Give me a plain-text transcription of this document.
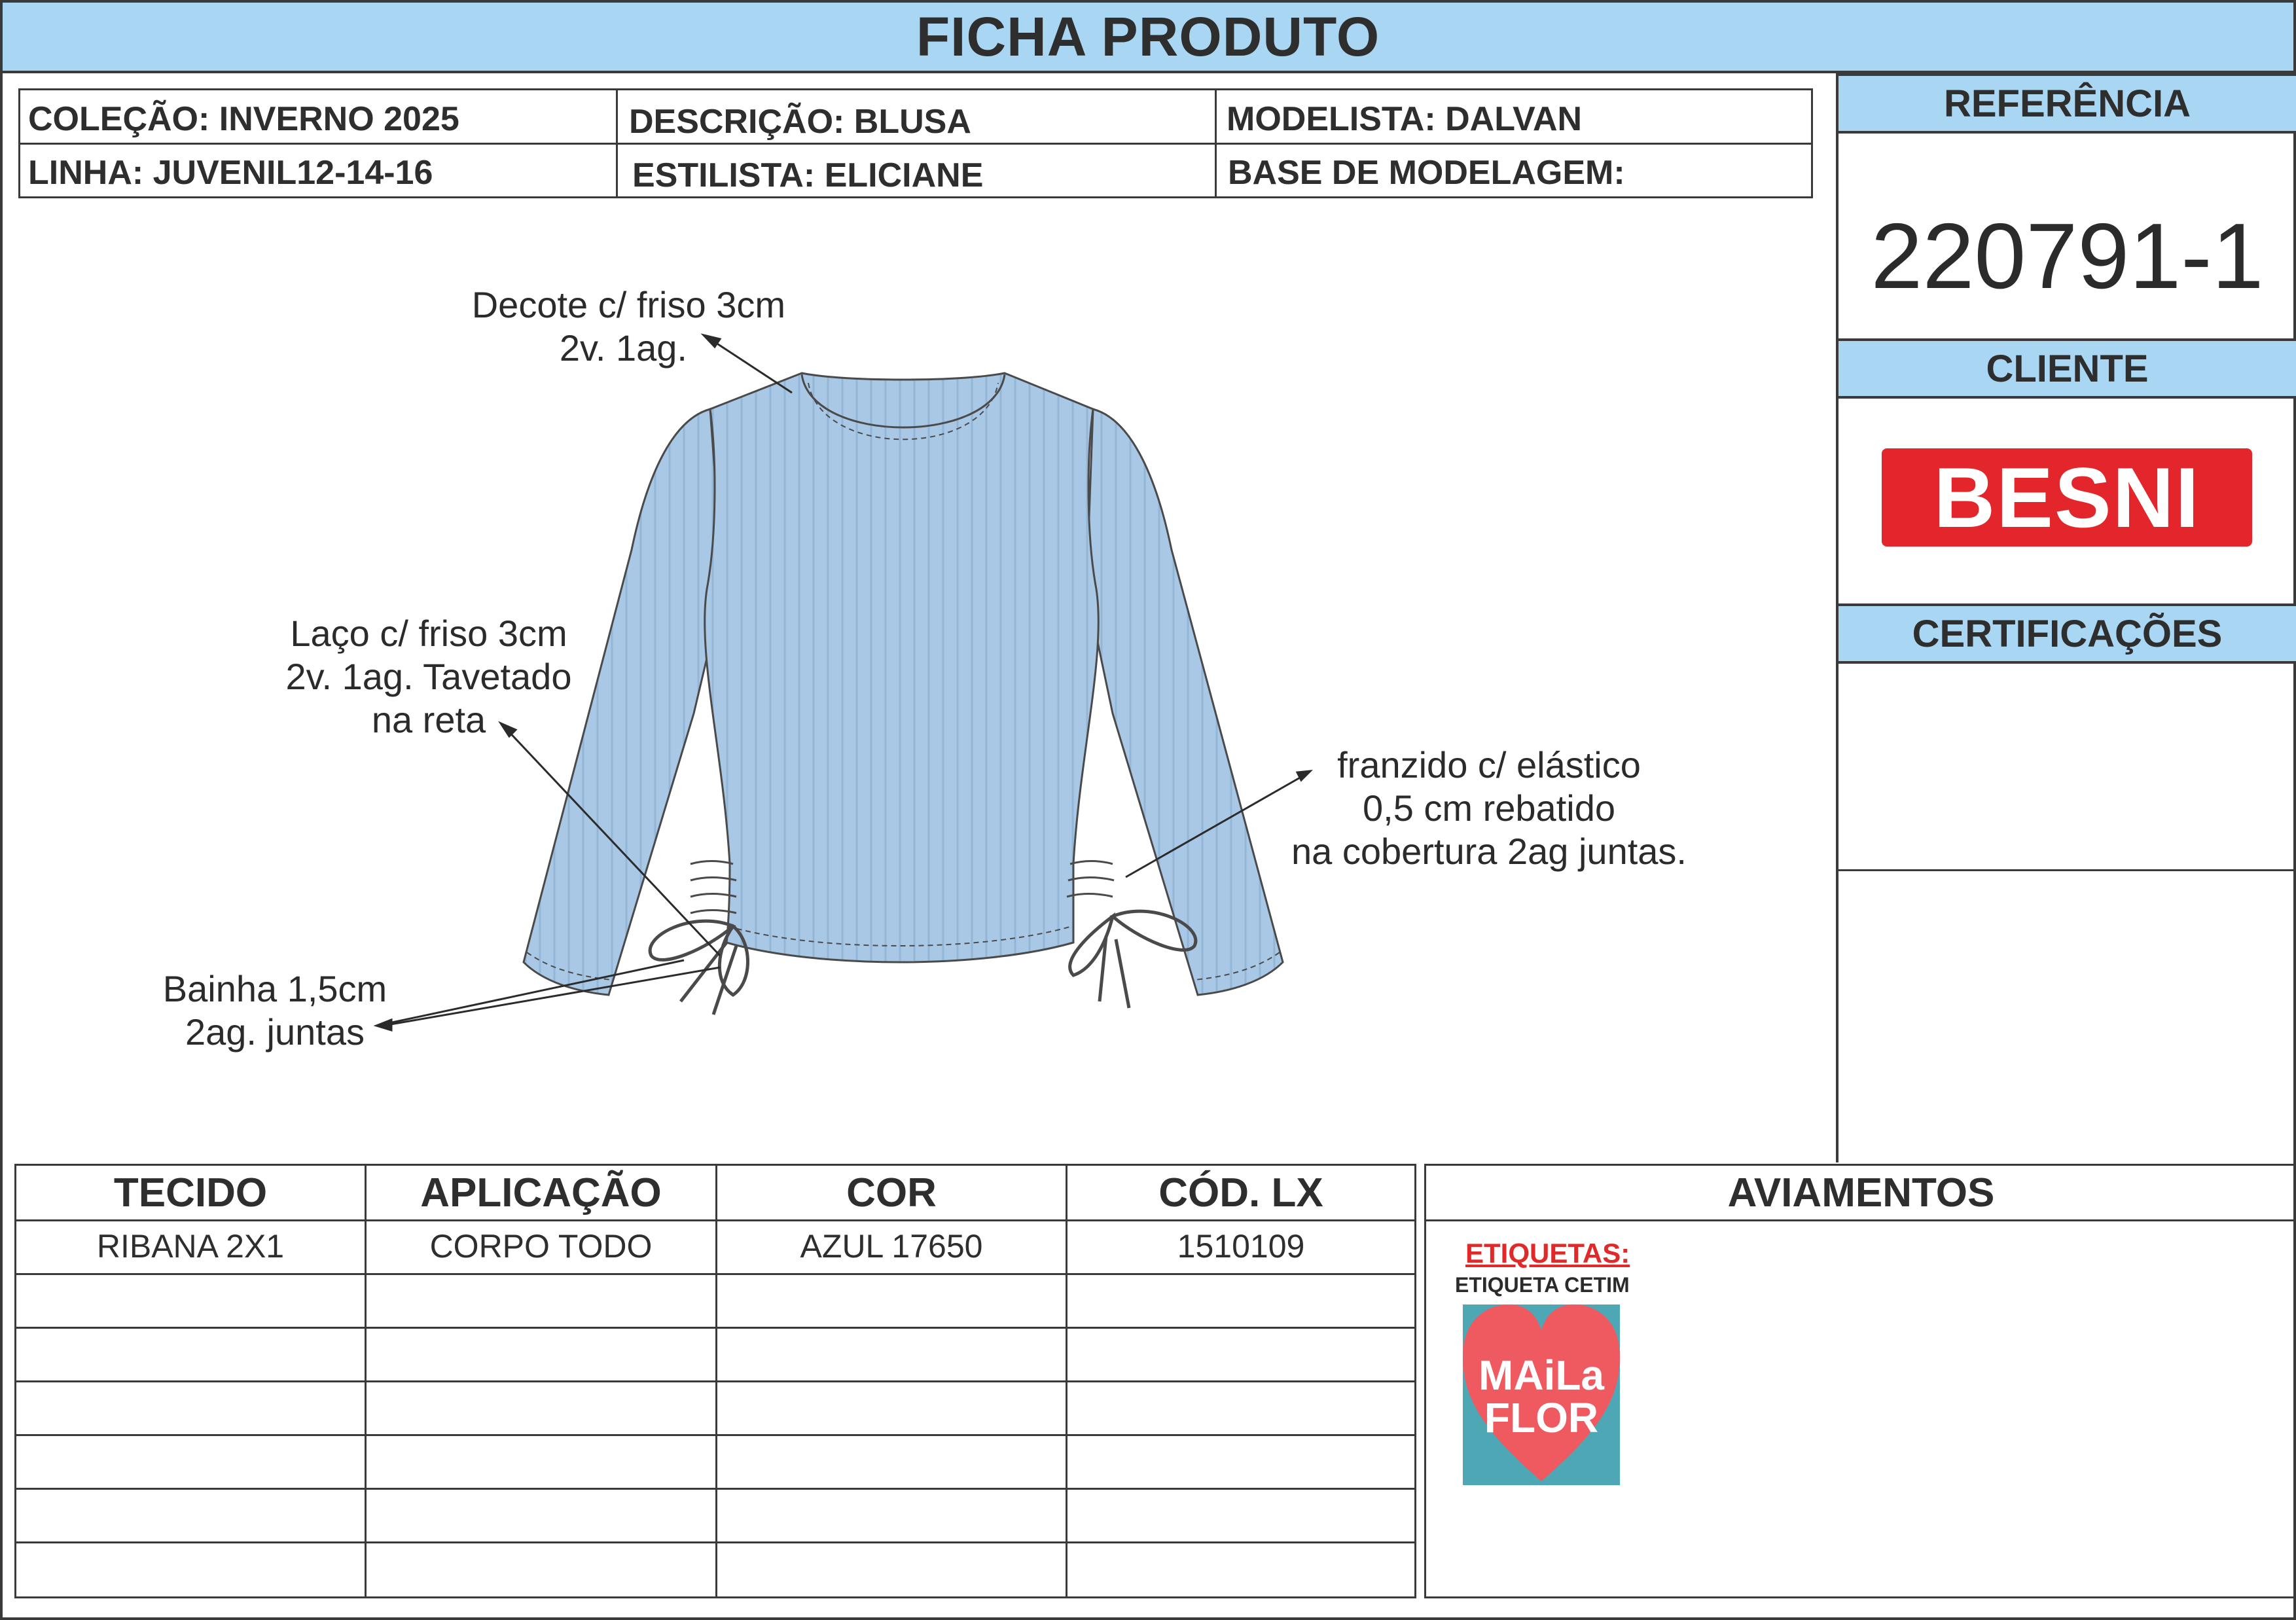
FICHA PRODUTO
COLEÇÃO: INVERNO 2025	DESCRIÇÃO: BLUSA	MODELISTA: DALVAN
LINHA: JUVENIL12-14-16	ESTILISTA: ELICIANE	BASE DE MODELAGEM:
REFERÊNCIA
220791-1
CLIENTE
BESNI
CERTIFICAÇÕES
Decote c/ friso 3cm
2v. 1ag.
Laço c/ friso 3cm
2v. 1ag. Tavetado
na reta
franzido c/ elástico
0,5 cm rebatido
na cobertura 2ag juntas.
Bainha 1,5cm
2ag. juntas
TECIDO	APLICAÇÃO	COR	CÓD. LX
RIBANA 2X1	CORPO TODO	AZUL 17650	1510109
AVIAMENTOS
ETIQUETAS:
ETIQUETA CETIM
MAiLa
FLOR
